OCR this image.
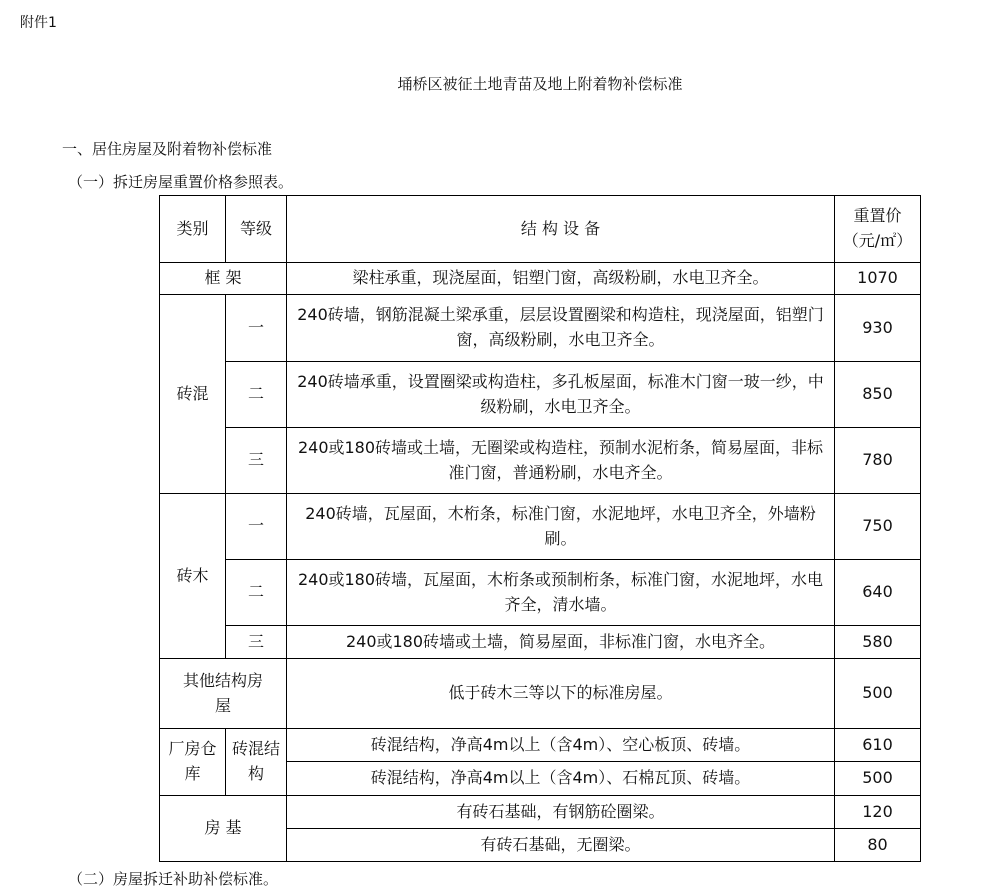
附件1
埇桥区被征土地青苗及地上附着物补偿标准
一、居住房屋及附着物补偿标准
（一）拆迁房屋重置价格参照表。
类别	等级	结 构 设 备	重置价
（元/㎡）

框 架		梁柱承重，现浇屋面，铝塑门窗，高级粉刷，水电卫齐全。	1070
砖混	一	240砖墙，钢筋混凝土梁承重，层层设置圈梁和构造柱，现浇屋面，铝塑门窗，高级粉刷，水电卫齐全。	930
	二	240砖墙承重，设置圈梁或构造柱，多孔板屋面，标准木门窗一玻一纱，中级粉刷，水电卫齐全。	850
	三	240或180砖墙或土墙，无圈梁或构造柱，预制水泥桁条，简易屋面，非标准门窗，普通粉刷，水电齐全。	780
砖木	一	240砖墙，瓦屋面，木桁条，标准门窗，水泥地坪，水电卫齐全，外墙粉刷。	750
	二	240或180砖墙，瓦屋面，木桁条或预制桁条，标准门窗，水泥地坪，水电齐全，清水墙。	640
	三	240或180砖墙或土墙，简易屋面，非标准门窗，水电齐全。	580
其他结构房屋		低于砖木三等以下的标准房屋。	500
厂房仓库	砖混结构	砖混结构，净高4m以上（含4m）、空心板顶、砖墙。	610
		砖混结构，净高4m以上（含4m）、石棉瓦顶、砖墙。	500
房 基		有砖石基础，有钢筋砼圈梁。	120
		有砖石基础，无圈梁。	80
（二）房屋拆迁补助补偿标准。
